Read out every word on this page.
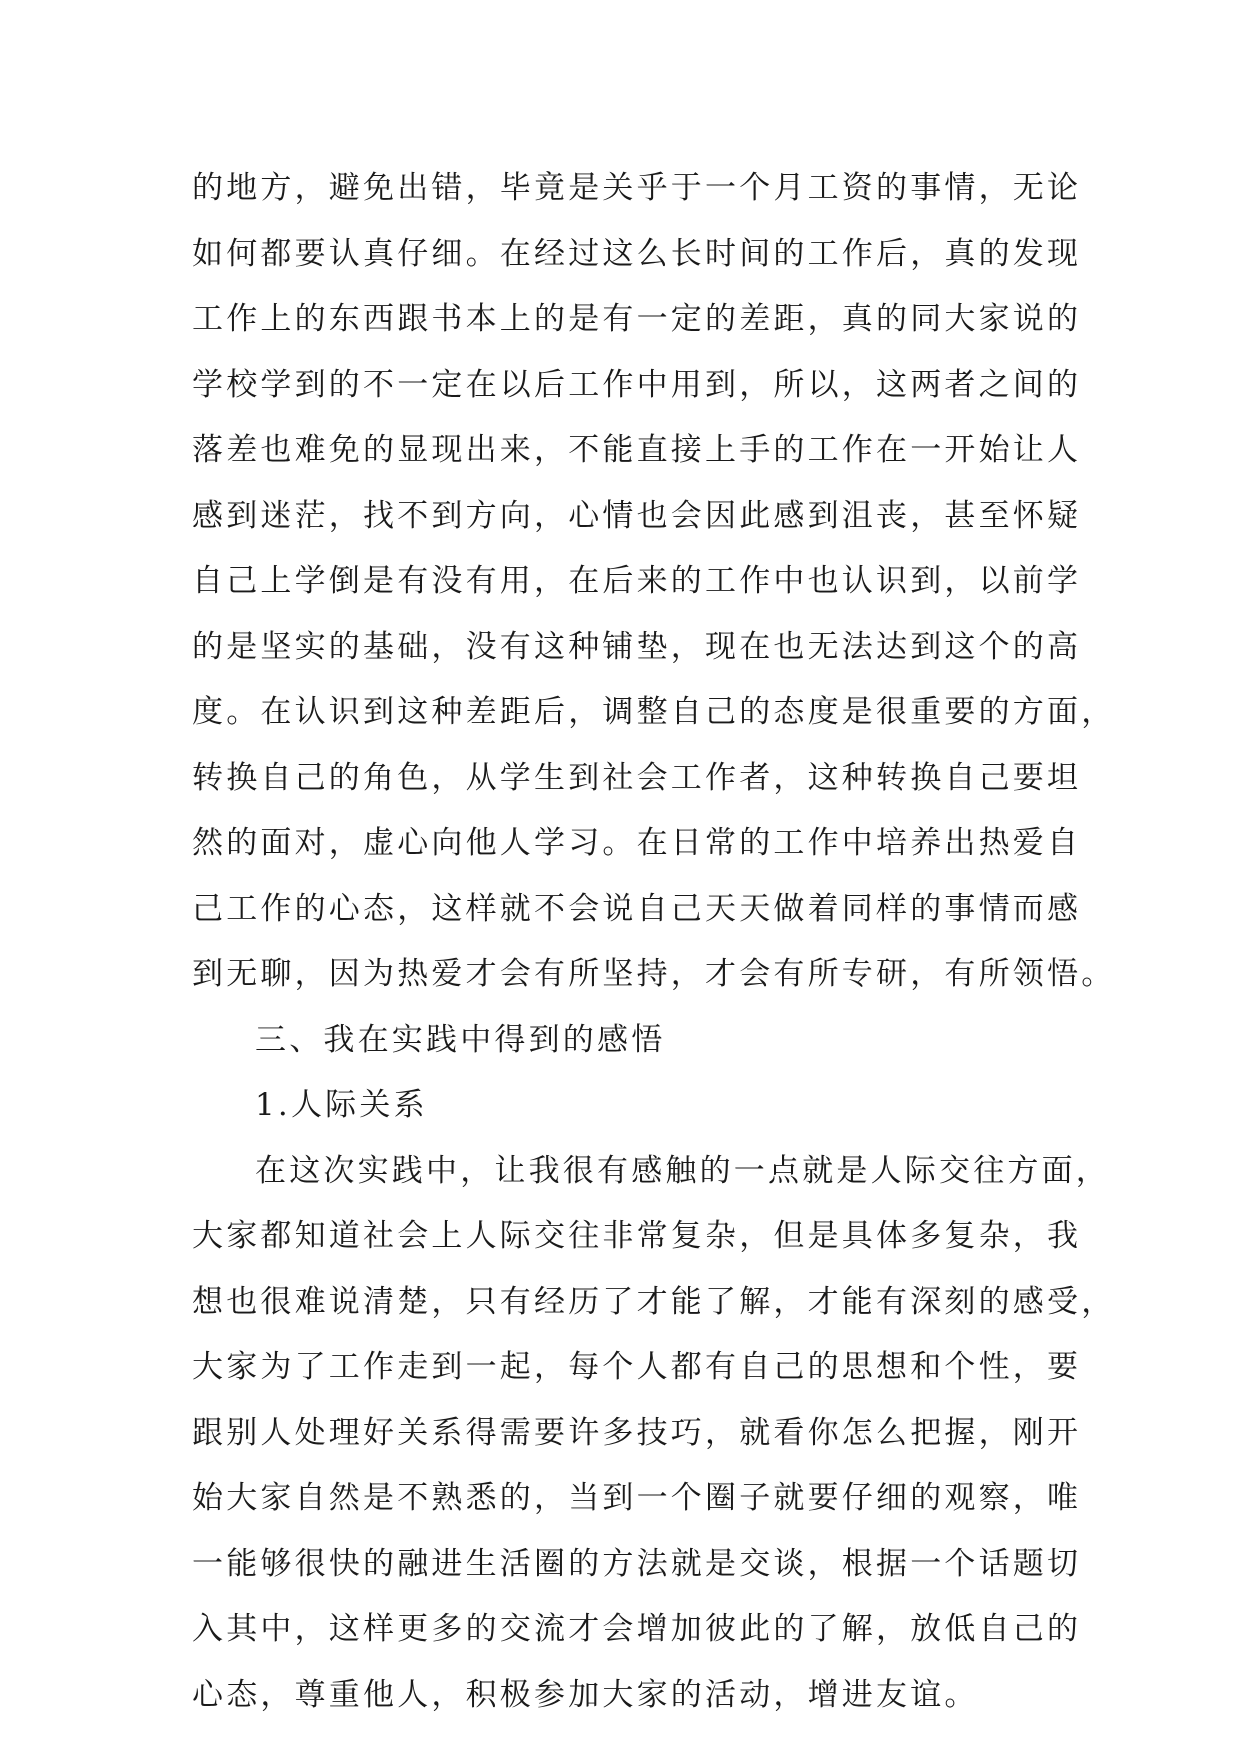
的地方，避免出错，毕竟是关乎于一个月工资的事情，无论
如何都要认真仔细。在经过这么长时间的工作后，真的发现
工作上的东西跟书本上的是有一定的差距，真的同大家说的
学校学到的不一定在以后工作中用到，所以，这两者之间的
落差也难免的显现出来，不能直接上手的工作在一开始让人
感到迷茫，找不到方向，心情也会因此感到沮丧，甚至怀疑
自己上学倒是有没有用，在后来的工作中也认识到，以前学
的是坚实的基础，没有这种铺垫，现在也无法达到这个的高
度。在认识到这种差距后，调整自己的态度是很重要的方面，
转换自己的角色，从学生到社会工作者，这种转换自己要坦
然的面对，虚心向他人学习。在日常的工作中培养出热爱自
己工作的心态，这样就不会说自己天天做着同样的事情而感
到无聊，因为热爱才会有所坚持，才会有所专研，有所领悟。
三、我在实践中得到的感悟
1.人际关系
在这次实践中，让我很有感触的一点就是人际交往方面，
大家都知道社会上人际交往非常复杂，但是具体多复杂，我
想也很难说清楚，只有经历了才能了解，才能有深刻的感受，
大家为了工作走到一起，每个人都有自己的思想和个性，要
跟别人处理好关系得需要许多技巧，就看你怎么把握，刚开
始大家自然是不熟悉的，当到一个圈子就要仔细的观察，唯
一能够很快的融进生活圈的方法就是交谈，根据一个话题切
入其中，这样更多的交流才会增加彼此的了解，放低自己的
心态，尊重他人，积极参加大家的活动，增进友谊。
